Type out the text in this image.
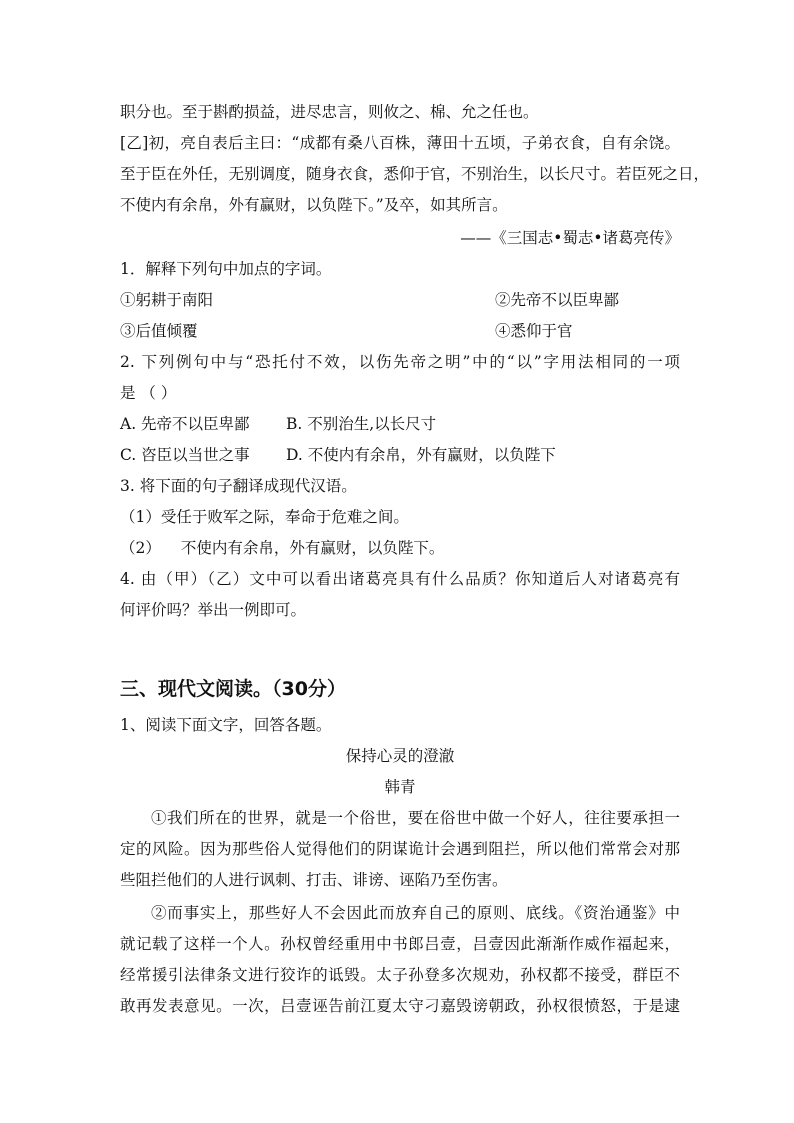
职分也。至于斟酌损益，进尽忠言，则攸之、棉、允之任也。
[乙]初，亮自表后主曰：“成都有桑八百株，薄田十五顷，子弟衣食，自有余饶。
至于臣在外任，无别调度，随身衣食，悉仰于官，不别治生，以长尺寸。若臣死之日，
不使内有余帛，外有赢财，以负陛下。”及卒，如其所言。
——《三国志•蜀志•诸葛亮传》
1．解释下列句中加点的字词。
①躬耕于南阳	②先帝不以臣卑鄙
③后值倾覆	④悉仰于官
2. 下列例句中与“恐托付不效，以伤先帝之明”中的“以”字用法相同的一项
是 （ ）
A. 先帝不以臣卑鄙 B. 不别治生,以长尺寸
C. 咨臣以当世之事 D. 不使内有余帛，外有赢财，以负陛下
3. 将下面的句子翻译成现代汉语。
（1）受任于败军之际，奉命于危难之间。
（2） 不使内有余帛，外有赢财，以负陛下。
4. 由（甲）（乙）文中可以看出诸葛亮具有什么品质？你知道后人对诸葛亮有
何评价吗？举出一例即可。
三、现代文阅读。（30分）
1、阅读下面文字，回答各题。
保持心灵的澄澈
韩青
①我们所在的世界，就是一个俗世，要在俗世中做一个好人，往往要承担一
定的风险。因为那些俗人觉得他们的阴谋诡计会遇到阻拦，所以他们常常会对那
些阻拦他们的人进行讽刺、打击、诽谤、诬陷乃至伤害。
②而事实上，那些好人不会因此而放弃自己的原则、底线。《资治通鉴》中
就记载了这样一个人。孙权曾经重用中书郎吕壹，吕壹因此渐渐作威作福起来，
经常援引法律条文进行狡诈的诋毁。太子孙登多次规劝，孙权都不接受，群臣不
敢再发表意见。一次，吕壹诬告前江夏太守刁嘉毁谤朝政，孙权很愤怒，于是逮
